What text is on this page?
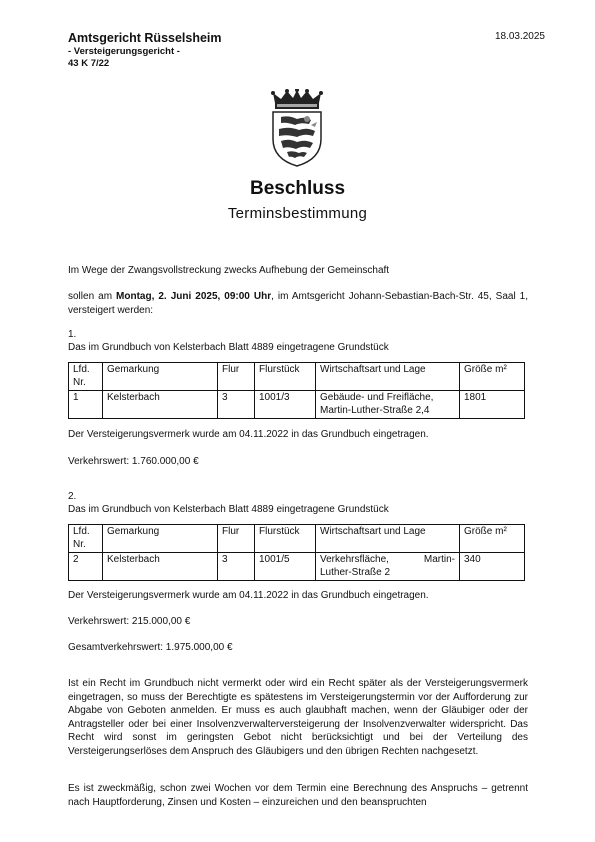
Amtsgericht Rüsselsheim
- Versteigerungsgericht -
43 K 7/22
18.03.2025
Beschluss
Terminsbestimmung
Im Wege der Zwangsvollstreckung zwecks Aufhebung der Gemeinschaft
sollen am Montag, 2. Juni 2025, 09:00 Uhr, im Amtsgericht Johann-Sebastian-Bach-Str. 45, Saal 1, versteigert werden:
1.
Das im Grundbuch von Kelsterbach Blatt 4889 eingetragene Grundstück
Lfd. Nr.	Gemarkung	Flur	Flurstück	Wirtschaftsart und Lage	Größe m²
1	Kelsterbach	3	1001/3	Gebäude- und Freifläche,
Martin-Luther-Straße 2,4	1801
Der Versteigerungsvermerk wurde am 04.11.2022 in das Grundbuch eingetragen.
Verkehrswert: 1.760.000,00 €
2.
Das im Grundbuch von Kelsterbach Blatt 4889 eingetragene Grundstück
Lfd. Nr.	Gemarkung	Flur	Flurstück	Wirtschaftsart und Lage	Größe m²
2	Kelsterbach	3	1001/5	Verkehrsfläche, Martin-
Luther-Straße 2	340
Der Versteigerungsvermerk wurde am 04.11.2022 in das Grundbuch eingetragen.
Verkehrswert: 215.000,00 €
Gesamtverkehrswert: 1.975.000,00 €
Ist ein Recht im Grundbuch nicht vermerkt oder wird ein Recht später als der Versteigerungsvermerk eingetragen, so muss der Berechtigte es spätestens im Versteigerungstermin vor der Aufforderung zur Abgabe von Geboten anmelden. Er muss es auch glaubhaft machen, wenn der Gläubiger oder der Antragsteller oder bei einer Insolvenzverwalterversteigerung der Insolvenzverwalter widerspricht. Das Recht wird sonst im geringsten Gebot nicht berücksichtigt und bei der Verteilung des Versteigerungserlöses dem Anspruch des Gläubigers und den übrigen Rechten nachgesetzt.
Es ist zweckmäßig, schon zwei Wochen vor dem Termin eine Berechnung des Anspruchs – getrennt nach Hauptforderung, Zinsen und Kosten – einzureichen und den beanspruchten
